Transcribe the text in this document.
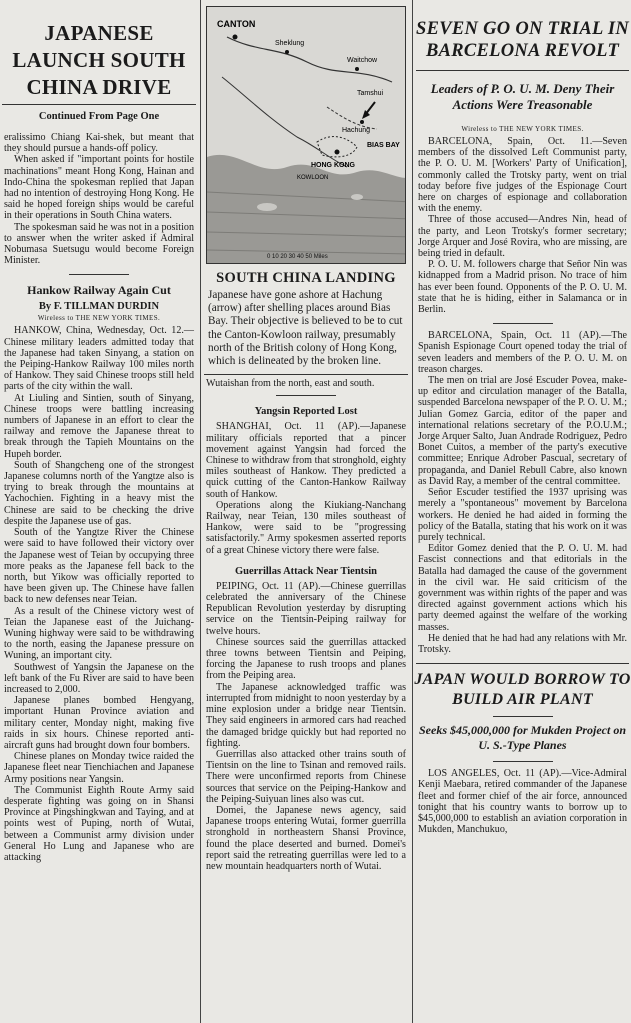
JAPANESE LAUNCH SOUTH CHINA DRIVE
Continued From Page One

eralissimo Chiang Kai-shek, but meant that they should pursue a hands-off policy.

When asked if "important points for hostile machinations" meant Hong Kong, Hainan and Indo-China the spokesman replied that Japan had no intention of destroying Hong Kong. He said he hoped foreign ships would be careful in their operations in South China waters.

The spokesman said he was not in a position to answer when the writer asked if Admiral Nobumasa Suetsugu would become Foreign Minister.

Hankow Railway Again Cut
By F. TILLMAN DURDIN
Wireless to THE NEW YORK TIMES.

HANKOW, China, Wednesday, Oct. 12.—Chinese military leaders admitted today that the Japanese had taken Sinyang, a station on the Peiping-Hankow Railway 100 miles north of Hankow. They said Chinese troops still held parts of the city within the wall.

At Liuling and Sintien, south of Sinyang, Chinese troops were battling increasing numbers of Japanese in an effort to clear the railway and remove the Japanese threat to break through the Tapieh Mountains on the Hupeh border.

South of Shangcheng one of the strongest Japanese columns north of the Yangtze also is trying to break through the mountains at Yachochien. Fighting in a heavy mist the Chinese are said to be checking the drive despite the Japanese use of gas.

South of the Yangtze River the Chinese were said to have followed their victory over the Japanese west of Teian by occupying three more peaks as the Japanese fell back to the north, but Yikow was officially reported to have been given up. The Chinese have fallen back to new defenses near Teian.

As a result of the Chinese victory west of Teian the Japanese east of the Juichang-Wuning highway were said to be withdrawing to the north, easing the Japanese pressure on Wuning, an important city.

Southwest of Yangsin the Japanese on the left bank of the Fu River are said to have been increased to 2,000.

Japanese planes bombed Hengyang, important Hunan Province aviation and military center, Monday night, making five raids in six hours. Chinese reported anti-aircraft guns had brought down four bombers.

Chinese planes on Monday twice raided the Japanese fleet near Tienchiachen and Japanese Army positions near Yangsin.

The Communist Eighth Route Army said desperate fighting was going on in Shansi Province at Pingshingkwan and Taying, and at points west of Puping, north of Wutai, between a Communist army division under General Ho Lung and Japanese who are attacking

CANTON
Sheklung
Waitchow
Tamshui
Hachung
BIAS BAY
HONG KONG
KOWLOON
0 10 20 30 40 50 Miles
SOUTH CHINA LANDING
Japanese have gone ashore at Hachung (arrow) after shelling places around Bias Bay. Their objective is believed to be to cut the Canton-Kowloon railway, presumably north of the British colony of Hong Kong, which is delineated by the broken line.

Wutaishan from the north, east and south.

Yangsin Reported Lost

SHANGHAI, Oct. 11 (AP).—Japanese military officials reported that a pincer movement against Yangsin had forced the Chinese to withdraw from that stronghold, eighty miles southeast of Hankow. They predicted a quick cutting of the Canton-Hankow Railway south of Hankow.

Operations along the Kiukiang-Nanchang Railway, near Teian, 130 miles southeast of Hankow, were said to be "progressing satisfactorily." Army spokesmen asserted reports of a great Chinese victory there were false.

Guerrillas Attack Near Tientsin

PEIPING, Oct. 11 (AP).—Chinese guerrillas celebrated the anniversary of the Chinese Republican Revolution yesterday by disrupting service on the Tientsin-Peiping railway for twelve hours.

Chinese sources said the guerrillas attacked three towns between Tientsin and Peiping, forcing the Japanese to rush troops and planes from the Peiping area.

The Japanese acknowledged traffic was interrupted from midnight to noon yesterday by a mine explosion under a bridge near Tientsin. They said engineers in armored cars had reached the damaged bridge quickly but had reported no fighting.

Guerrillas also attacked other trains south of Tientsin on the line to Tsinan and removed rails. There were unconfirmed reports from Chinese sources that service on the Peiping-Hankow and the Peiping-Suiyuan lines also was cut.

Domei, the Japanese news agency, said Japanese troops entering Wutai, former guerrilla stronghold in northeastern Shansi Province, found the place deserted and burned. Domei's report said the retreating guerrillas were led to a new mountain headquarters north of Wutai.

SEVEN GO ON TRIAL IN BARCELONA REVOLT
Leaders of P. O. U. M. Deny Their Actions Were Treasonable
Wireless to THE NEW YORK TIMES.

BARCELONA, Spain, Oct. 11.—Seven members of the dissolved Left Communist party, the P. O. U. M. [Workers' Party of Unification], commonly called the Trotsky party, went on trial today before five judges of the Espionage Court here on charges of espionage and collaboration with the enemy.

Three of those accused—Andres Nin, head of the party, and Leon Trotsky's former secretary; Jorge Arquer and José Rovira, who are missing, are being tried in default.

P. O. U. M. followers charge that Señor Nin was kidnapped from a Madrid prison. No trace of him has ever been found. Opponents of the P. O. U. M. state that he is hiding, either in Salamanca or in Berlin.

BARCELONA, Spain, Oct. 11 (AP).—The Spanish Espionage Court opened today the trial of seven leaders and members of the P. O. U. M. on treason charges.

The men on trial are José Escuder Povea, make-up editor and circulation manager of the Batalla, suspended Barcelona newspaper of the P. O. U. M.; Julian Gomez Garcia, editor of the paper and international relations secretary of the P.O.U.M.; Jorge Arquer Salto, Juan Andrade Rodriguez, Pedro Bonet Cuitos, a member of the party's executive committee; Enrique Adrober Pascual, secretary of propaganda, and Daniel Rebull Cabre, also known as David Ray, a member of the central committee.

Señor Escuder testified the 1937 uprising was merely a "spontaneous" movement by Barcelona workers. He denied he had aided in forming the policy of the Batalla, stating that his work on it was purely technical.

Editor Gomez denied that the P. O. U. M. had Fascist connections and that editorials in the Batalla had damaged the cause of the government in the civil war. He said criticism of the government was within rights of the paper and was directed against government actions which his party deemed against the welfare of the working masses.

He denied that he had had any relations with Mr. Trotsky.

JAPAN WOULD BORROW TO BUILD AIR PLANT
Seeks $45,000,000 for Mukden Project on U. S.-Type Planes

LOS ANGELES, Oct. 11 (AP).—Vice-Admiral Kenji Maebara, retired commander of the Japanese fleet and former chief of the air force, announced tonight that his country wants to borrow up to $45,000,000 to establish an aviation corporation in Mukden, Manchukuo,
